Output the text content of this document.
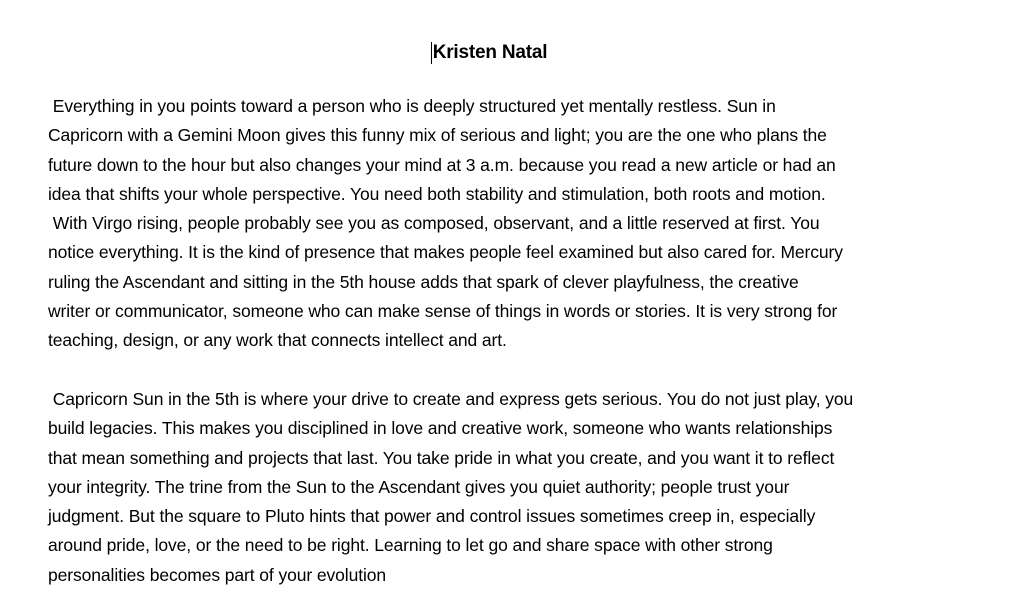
Kristen Natal
Everything in you points toward a person who is deeply structured yet mentally restless. Sun in
Capricorn with a Gemini Moon gives this funny mix of serious and light; you are the one who plans the
future down to the hour but also changes your mind at 3 a.m. because you read a new article or had an
idea that shifts your whole perspective. You need both stability and stimulation, both roots and motion.
With Virgo rising, people probably see you as composed, observant, and a little reserved at first. You
notice everything. It is the kind of presence that makes people feel examined but also cared for. Mercury
ruling the Ascendant and sitting in the 5th house adds that spark of clever playfulness, the creative
writer or communicator, someone who can make sense of things in words or stories. It is very strong for
teaching, design, or any work that connects intellect and art.
Capricorn Sun in the 5th is where your drive to create and express gets serious. You do not just play, you
build legacies. This makes you disciplined in love and creative work, someone who wants relationships
that mean something and projects that last. You take pride in what you create, and you want it to reflect
your integrity. The trine from the Sun to the Ascendant gives you quiet authority; people trust your
judgment. But the square to Pluto hints that power and control issues sometimes creep in, especially
around pride, love, or the need to be right. Learning to let go and share space with other strong
personalities becomes part of your evolution
